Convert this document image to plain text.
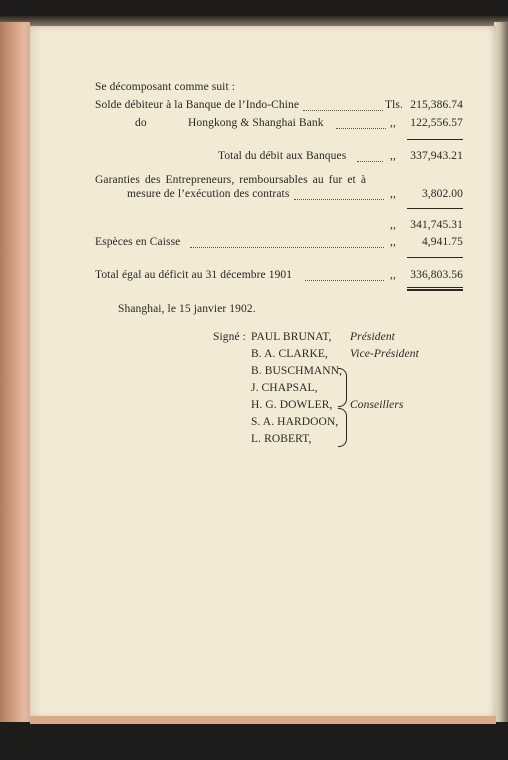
Se décomposant comme suit :
Solde débiteur à la Banque de l’Indo-Chine	Tls. 215,386.74
do	Hongkong & Shanghai Bank	,,	122,556.57
Total du débit aux Banques	,,	337,943.21
Garanties des Entrepreneurs, remboursables au fur et à
mesure de l’exécution des contrats	,,	3,802.00
,,	341,745.31
Espèces en Caisse	,,	4,941.75
Total égal au déficit au 31 décembre 1901	,,	336,803.56
Shanghai, le 15 janvier 1902.
Signé : PAUL BRUNAT, Président
B. A. CLARKE, Vice-Président
B. BUSCHMANN,
J. CHAPSAL,
H. G. DOWLER,
S. A. HARDOON,
L. ROBERT,
Conseillers
